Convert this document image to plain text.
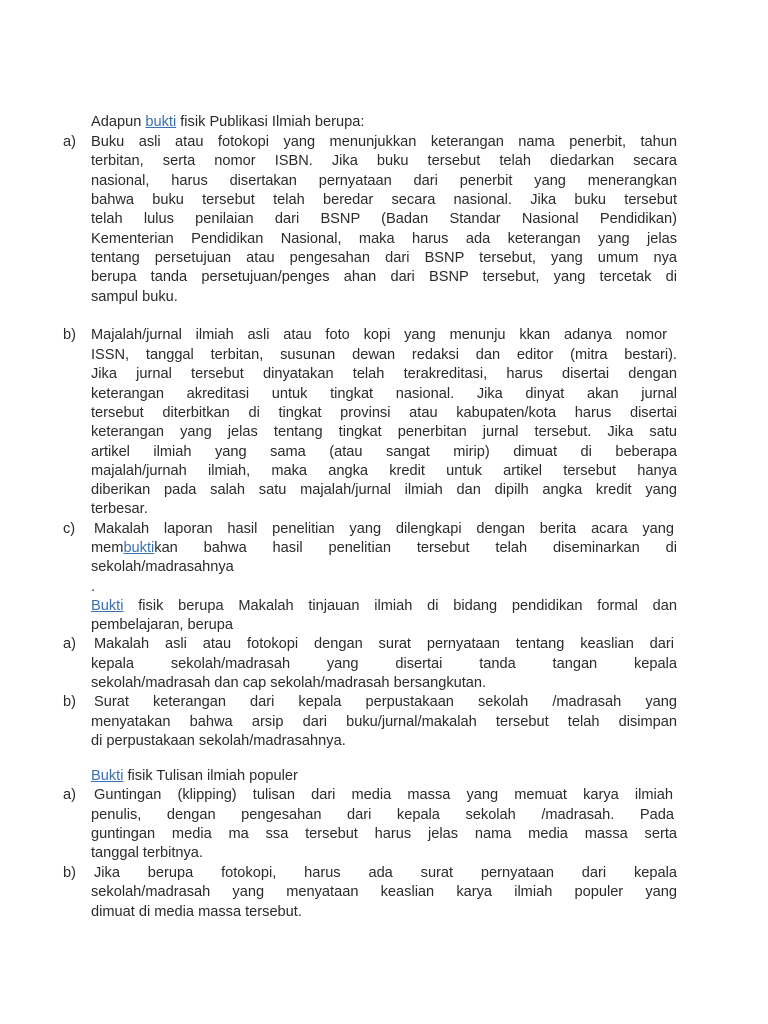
Adapun bukti fisik Publikasi Ilmiah berupa:
a) Buku asli atau fotokopi yang menunjukkan keterangan nama penerbit, tahun
terbitan, serta nomor ISBN. Jika buku tersebut telah diedarkan secara
nasional, harus disertakan pernyataan dari penerbit yang menerangkan
bahwa buku tersebut telah beredar secara nasional. Jika buku tersebut
telah lulus penilaian dari BSNP (Badan Standar Nasional Pendidikan)
Kementerian Pendidikan Nasional, maka harus ada keterangan yang jelas
tentang persetujuan atau pengesahan dari BSNP tersebut, yang umum nya
berupa tanda persetujuan/penges ahan dari BSNP tersebut, yang tercetak di
sampul buku.
b) Majalah/jurnal ilmiah asli atau foto kopi yang menunju kkan adanya nomor
ISSN, tanggal terbitan, susunan dewan redaksi dan editor (mitra bestari).
Jika jurnal tersebut dinyatakan telah terakreditasi, harus disertai dengan
keterangan akreditasi untuk tingkat nasional. Jika dinyat akan jurnal
tersebut diterbitkan di tingkat provinsi atau kabupaten/kota harus disertai
keterangan yang jelas tentang tingkat penerbitan jurnal tersebut. Jika satu
artikel ilmiah yang sama (atau sangat mirip) dimuat di beberapa
majalah/jurnah ilmiah, maka angka kredit untuk artikel tersebut hanya
diberikan pada salah satu majalah/jurnal ilmiah dan dipilh angka kredit yang
terbesar.
c) Makalah laporan hasil penelitian yang dilengkapi dengan berita acara yang
membuktikan bahwa hasil penelitian tersebut telah diseminarkan di
sekolah/madrasahnya
.
Bukti fisik berupa Makalah tinjauan ilmiah di bidang pendidikan formal dan
pembelajaran, berupa
a) Makalah asli atau fotokopi dengan surat pernyataan tentang keaslian dari
kepala sekolah/madrasah yang disertai tanda tangan kepala
sekolah/madrasah dan cap sekolah/madrasah bersangkutan.
b) Surat keterangan dari kepala perpustakaan sekolah /madrasah yang
menyatakan bahwa arsip dari buku/jurnal/makalah tersebut telah disimpan
di perpustakaan sekolah/madrasahnya.
Bukti fisik Tulisan ilmiah populer
a) Guntingan (klipping) tulisan dari media massa yang memuat karya ilmiah
penulis, dengan pengesahan dari kepala sekolah /madrasah. Pada
guntingan media ma ssa tersebut harus jelas nama media massa serta
tanggal terbitnya.
b) Jika berupa fotokopi, harus ada surat pernyataan dari kepala
sekolah/madrasah yang menyataan keaslian karya ilmiah populer yang
dimuat di media massa tersebut.
